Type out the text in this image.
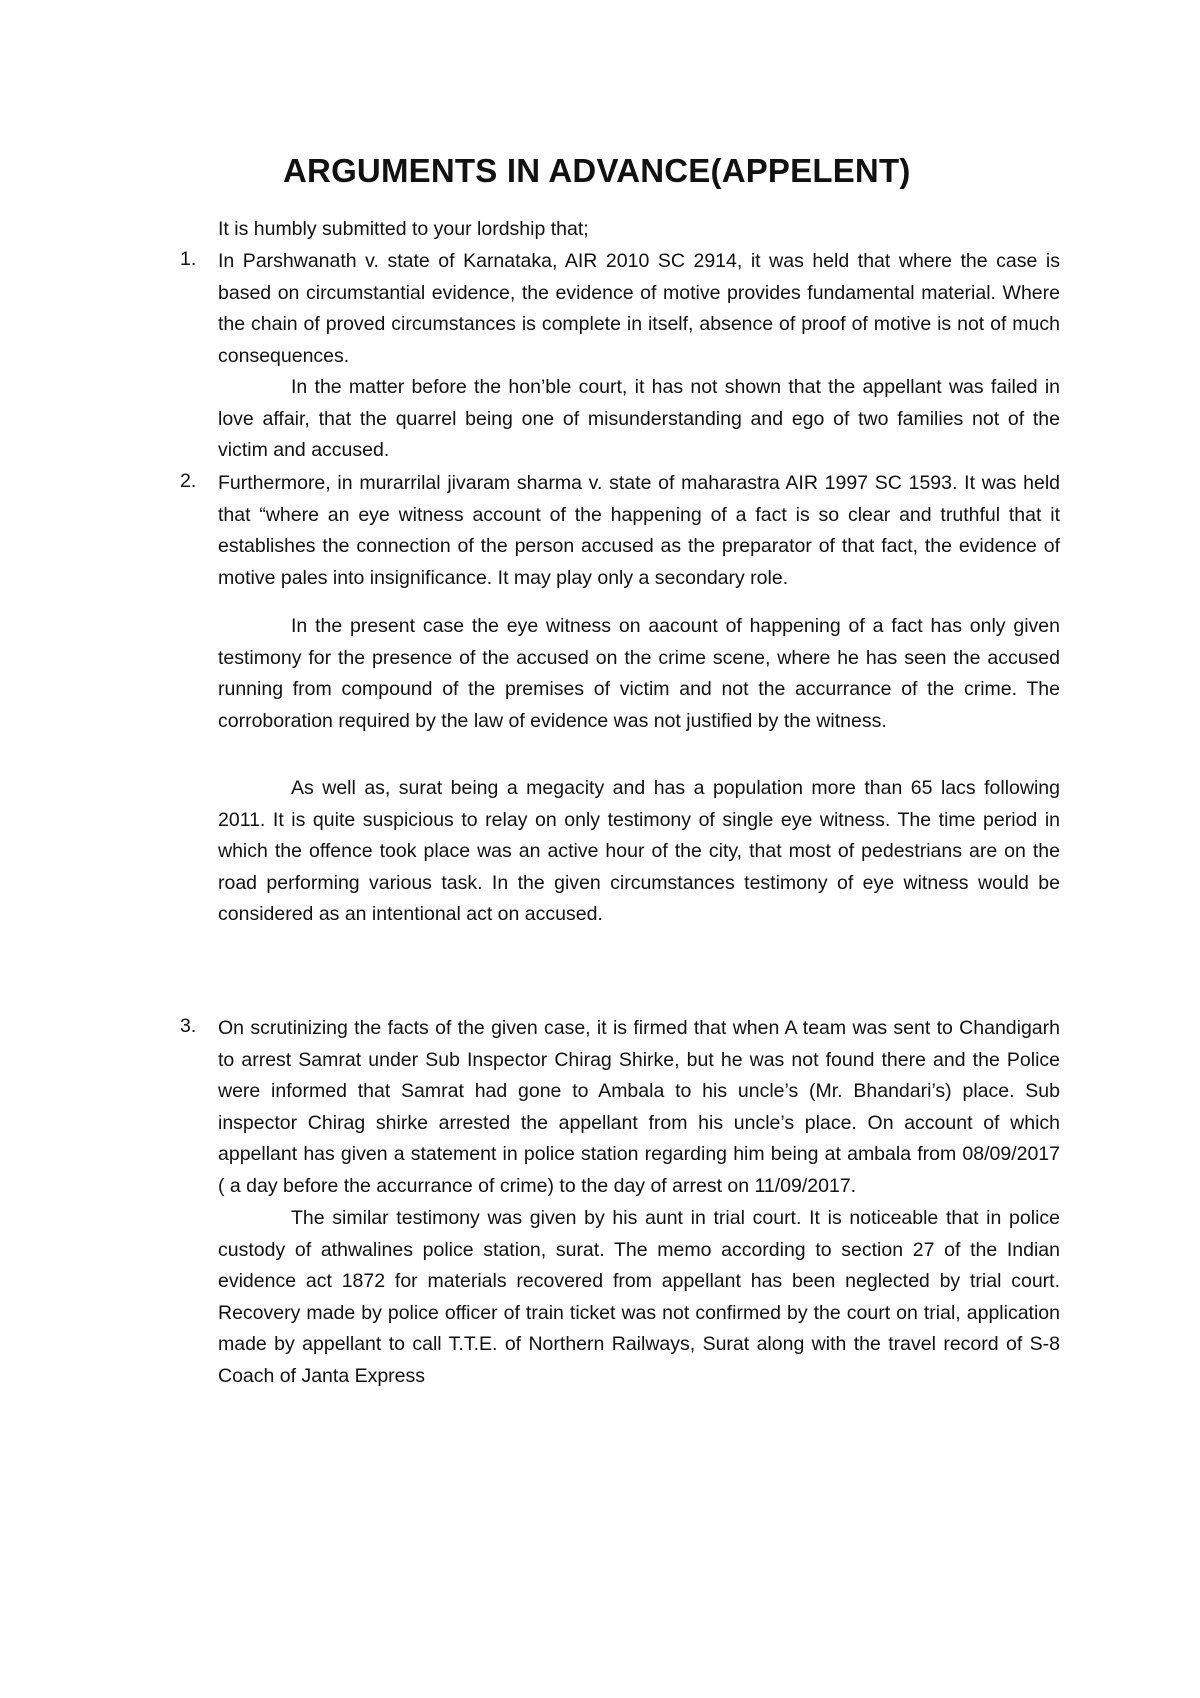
ARGUMENTS IN ADVANCE(APPELENT)
It is humbly submitted to your lordship that;
1. In Parshwanath v. state of Karnataka, AIR 2010 SC 2914, it was held that where the case is based on circumstantial evidence, the evidence of motive provides fundamental material. Where the chain of proved circumstances is complete in itself, absence of proof of motive is not of much consequences.

In the matter before the hon’ble court, it has not shown that the appellant was failed in love affair, that the quarrel being one of misunderstanding and ego of two families not of the victim and accused.

2. Furthermore, in murarrilal jivaram sharma v. state of maharastra AIR 1997 SC 1593. It was held that “where an eye witness account of the happening of a fact is so clear and truthful that it establishes the connection of the person accused as the preparator of that fact, the evidence of motive pales into insignificance. It may play only a secondary role.

In the present case the eye witness on aacount of happening of a fact has only given testimony for the presence of the accused on the crime scene, where he has seen the accused running from compound of the premises of victim and not the accurrance of the crime. The corroboration required by the law of evidence was not justified by the witness.

As well as, surat being a megacity and has a population more than 65 lacs following 2011. It is quite suspicious to relay on only testimony of single eye witness. The time period in which the offence took place was an active hour of the city, that most of pedestrians are on the road performing various task. In the given circumstances testimony of eye witness would be considered as an intentional act on accused.

3. On scrutinizing the facts of the given case, it is firmed that when A team was sent to Chandigarh to arrest Samrat under Sub Inspector Chirag Shirke, but he was not found there and the Police were informed that Samrat had gone to Ambala to his uncle’s (Mr. Bhandari’s) place. Sub inspector Chirag shirke arrested the appellant from his uncle’s place. On account of which appellant has given a statement in police station regarding him being at ambala from 08/09/2017 ( a day before the accurrance of crime) to the day of arrest on 11/09/2017.

The similar testimony was given by his aunt in trial court. It is noticeable that in police custody of athwalines police station, surat. The memo according to section 27 of the Indian evidence act 1872 for materials recovered from appellant has been neglected by trial court. Recovery made by police officer of train ticket was not confirmed by the court on trial, application made by appellant to call T.T.E. of Northern Railways, Surat along with the travel record of S-8 Coach of Janta Express
